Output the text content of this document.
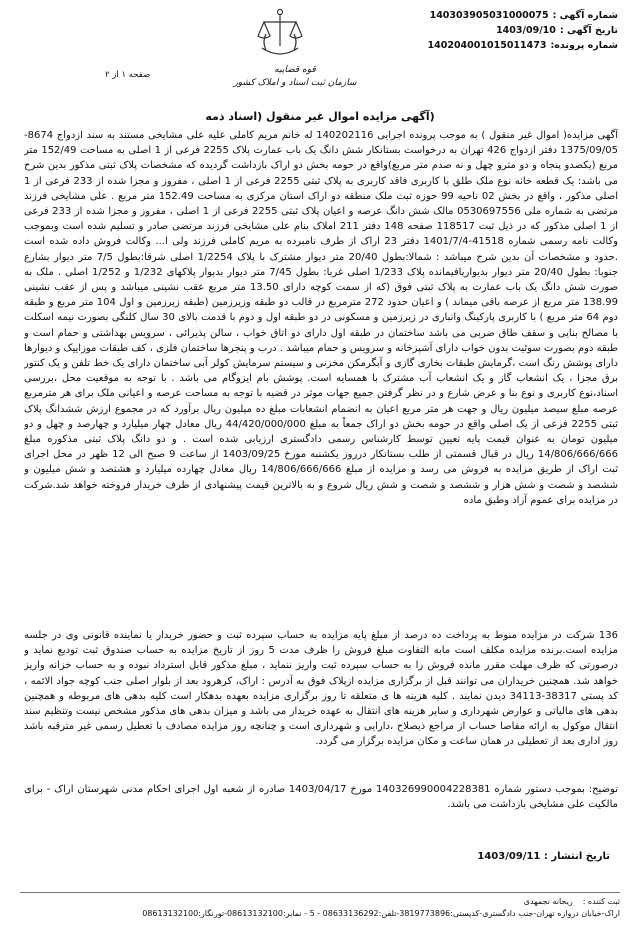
قوه قضاییه
سازمان ثبت اسناد و املاک کشور
شماره آگهی :
140303905031000075
تاریخ آگهی :
1403/09/10
شماره پرونده:
140204001015011473
صفحه ۱ از ۲
(آگهی مزایده اموال غیر منقول (اسناد ذمه

آگهی مزایده( اموال غیر منقول ) به موجب پرونده اجرایی 140202116 له خانم مریم کاملی علیه علی مشایخی مستند به سند ازدواج 8674-1375/09/05 دفتر ازدواج 426 تهران به درخواست بستانکار شش دانگ یک باب عمارت پلاک 2255 فرعی از 1 اصلی به مساحت 152/49 متر مربع (یکصدو پنجاه و دو مترو چهل و نه صدم متر مربع)واقع در حومه بخش دو اراک بازداشت گردیده که مشخصات پلاک ثبتی مذکور بدین شرح می باشد: یک قطعه خانه نوع ملک طلق با کاربری فاقد کاربری به پلاک ثبتی 2255 فرعی از 1 اصلی ، مفروز و مجزا شده از 233 فرعی از 1 اصلی مذکور ، واقع در بخش 02 ناحیه 99 حوزه ثبت ملک منطقه دو اراک استان مرکزی به مساحت 152.49 متر مربع . علی مشایخی فرزند مرتضی به شماره ملی 0530697556 مالک شش دانگ عرصه و اعیان پلاک ثبتی 2255 فرعی از 1 اصلی ، مفروز و مجزا شده از 233 فرعی از 1 اصلی مذکور که در ذیل ثبت 118517 صفحه 148 دفتر 211 املاک بنام علی مشایخی فرزند مرتضی صادر و تسلیم شده است وبموجب وکالت نامه رسمی شماره 41518-1401/7/4 دفتر 23 اراک از طرف نامبرده به مریم کاملی فرزند ولی ا... وکالت فروش داده شده است .حدود و مشخصات آن بدین شرح میباشد : شمالا:بطول 20/40 متر دیوار مشترک با پلاک 1/2254 اصلی شرقا:بطول 7/5 متر دیوار بشارع جنوبا: بطول 20/40 متر دیوار بدیواربافیمانده پلاک 1/233 اصلی غربا: بطول 7/45 متر دیوار بدیوار پلاکهای 1/232 و 1/252 اصلی . ملک به صورت شش دانگ یک باب عمارت به پلاک ثبتی فوق (که از سمت کوچه دارای 13.50 متر مربع عقب نشینی میباشد و پس از عقب نشینی 138.99 متر مربع از عرصه باقی میماند ) و اعیان حدود 272 مترمربع در قالب دو طبقه وزیرزمین (طبقه زیرزمین و اول 104 متر مربع و طبقه دوم 64 متر مربع ) با کاربری پارکینگ وانباری در زیرزمین و مسکونی در دو طبقه اول و دوم با قدمت بالای 30 سال کلنگی بصورت نیمه اسکلت با مصالح بنایی و سقف طاق ضربی می باشد ساختمان در طبقه اول دارای دو اتاق خواب ، سالن پذیرائی ، سرویس بهداشتی و حمام است و طبقه دوم بصورت سوئیت بدون خواب دارای آشپزخانه و سرویس و حمام میباشد . درب و پنجرها ساختمان فلزی ، کف طبقات موزاییک و دیوارها دارای پوشش رنگ است ،گرمایش طبقات بخاری گازی و آبگرمکن مخزنی و سیستم سرمایش کولر آبی ساختمان دارای یک خط تلفن و یک کنتور برق مجزا ، یک انشعاب گاز و یک انشعاب آب مشترک با همسایه است. پوشش بام ایزوگام می باشد . با توجه به موقعیت محل ،بررسی اسناد،نوع کاربری و نوع بنا و عرض شارع و در نظر گرفتن جمیع جهات موثر در قضیه با توجه به مساحت عرصه و اعیانی ملک برای هر مترمربع عرصه مبلغ سیصد میلیون ریال و جهت هر متر مربع اعیان به انضمام انشعابات مبلغ ده میلیون ریال برآورد که در مجموع ارزش ششدانگ پلاک ثبتی 2255 فرعی از یک اصلی واقع در حومه بخش دو اراک جمعاً به مبلغ 44/420/000/000 ریال معادل چهار میلیارد و چهارصد و چهل و دو میلیون تومان به عنوان قیمت پایه تعیین توسط کارشناس رسمی دادگستری ارزیابی شده است . و دو دانگ پلاک ثبتی مذکوره مبلغ 14/806/666/666 ریال در قبال قسمتی از طلب بستانکار درروز یکشنبه مورخ 1403/09/25 از ساعت 9 صبح الی 12 ظهر در محل اجرای ثبت اراک از طریق مزایده به فروش می رسد و مزایده از مبلغ 14/806/666/666 ریال معادل چهارده میلیارد و هشتصد و شش میلیون و ششصد و شصت و شش هزار و ششصد و شصت و شش ریال شروع و به بالاترین قیمت پیشنهادی از طرف خریدار فروخته خواهد شد.شرکت در مزایده برای عموم آزاد وطبق ماده

136 شرکت در مزایده منوط به پرداخت ده درصد از مبلغ پایه مزایده به حساب سپرده ثبت و حضور خریدار یا نماینده قانونی وی در جلسه مزایده است.برنده مزایده مکلف است مابه التفاوت مبلغ فروش را ظرف مدت 5 روز از تاریخ مزایده به حساب صندوق ثبت تودیع نماید و درصورتی که ظرف مهلت مقرر مانده فروش را به حساب سپرده ثبت واریز ننماید ، مبلغ مذکور قابل استرداد نبوده و به حساب خزانه واریز خواهد شد. همچنین خریداران می توانند قبل از برگزاری مزایده ازپلاک فوق به آدرس : اراک، کرهرود بعد از بلوار اصلی جنب کوچه جواد الائمه ، کد پستی 38317-34113 دیدن نمایند . کلیه هزینه ها ی متعلقه تا روز برگزاری مزایده بعهده بدهکار است کلیه بدهی های مربوطه و همچنین بدهی های مالیاتی و عوارض شهرداری و سایر هزینه های انتقال به عهده خریدار می باشد و میزان بدهی های مذکور مشخص نیست وتنظیم سند انتقال موکول به ارائه مفاصا حساب از مراجع ذیصلاح ،دارایی و شهرداری است و چنانچه روز مزایده مصادف با تعطیل رسمی غیر مترقبه باشد روز اداری بعد از تعطیلی در همان ساعت و مکان مزایده برگزار می گردد.

توضیح: بموجب دستور شماره 140326990004228381 مورخ 1403/04/17 صادره از شعبه اول اجرای احکام مدنی شهرستان اراک - برای مالکیت علی مشایخی بازداشت می باشد.

تاریخ انتشار : 1403/09/11
ثبت کننده :
ریحانه نجمهدی
اراک-خیابان دروازه تهران-جنب دادگستری-کدپستی:3819773896-تلفن:08633136292 - 5 - نمابر:08613132100-تورنگار:08613132100
